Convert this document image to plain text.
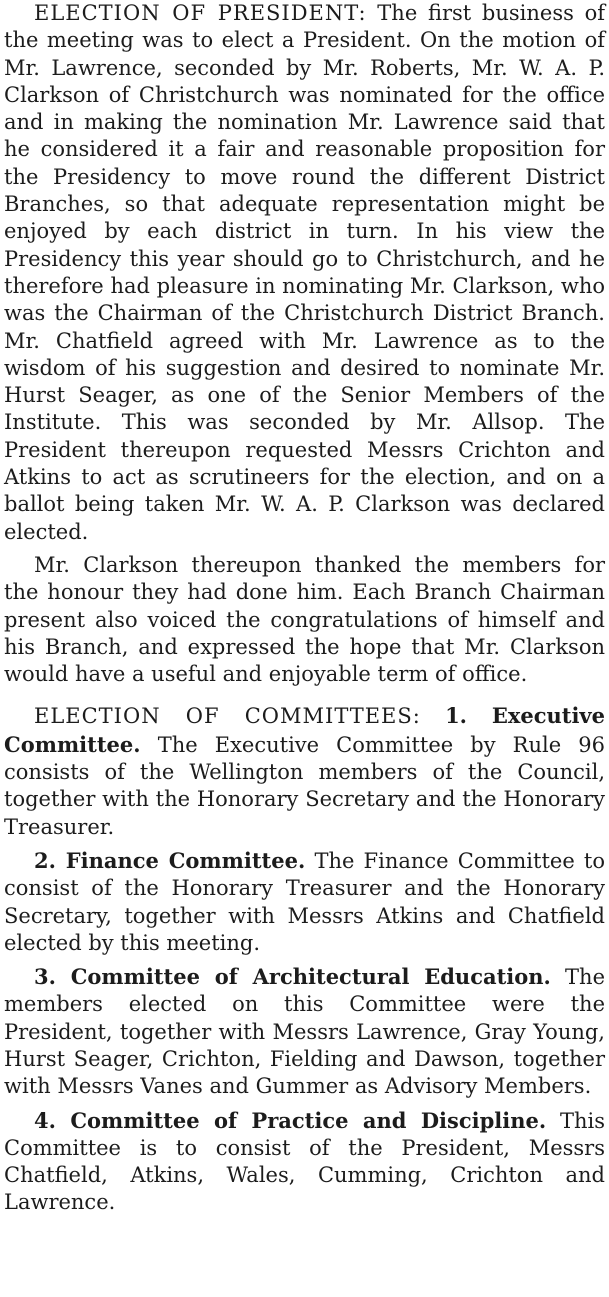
ELECTION OF PRESIDENT: The first business of the meeting was to elect a President. On the motion of Mr. Lawrence, seconded by Mr. Roberts, Mr. W. A. P. Clarkson of Christchurch was nominated for the office and in making the nomination Mr. Lawrence said that he considered it a fair and reasonable proposition for the Presidency to move round the different District Branches, so that adequate representation might be enjoyed by each district in turn. In his view the Presidency this year should go to Christchurch, and he therefore had pleasure in nominating Mr. Clarkson, who was the Chairman of the Christchurch District Branch. Mr. Chatfield agreed with Mr. Lawrence as to the wisdom of his suggestion and desired to nominate Mr. Hurst Seager, as one of the Senior Members of the Institute. This was seconded by Mr. Allsop. The President thereupon requested Messrs Crichton and Atkins to act as scrutineers for the election, and on a ballot being taken Mr. W. A. P. Clarkson was declared elected.

Mr. Clarkson thereupon thanked the members for the honour they had done him. Each Branch Chairman present also voiced the congratulations of himself and his Branch, and expressed the hope that Mr. Clarkson would have a useful and enjoyable term of office.

ELECTION OF COMMITTEES: 1. Executive Committee. The Executive Committee by Rule 96 consists of the Wellington members of the Council, together with the Honorary Secretary and the Honorary Treasurer.

2. Finance Committee. The Finance Committee to consist of the Honorary Treasurer and the Honorary Secretary, together with Messrs Atkins and Chatfield elected by this meeting.

3. Committee of Architectural Education. The members elected on this Committee were the President, together with Messrs Lawrence, Gray Young, Hurst Seager, Crichton, Fielding and Dawson, together with Messrs Vanes and Gummer as Advisory Members.

4. Committee of Practice and Discipline. This Committee is to consist of the President, Messrs Chatfield, Atkins, Wales, Cumming, Crichton and Lawrence.
